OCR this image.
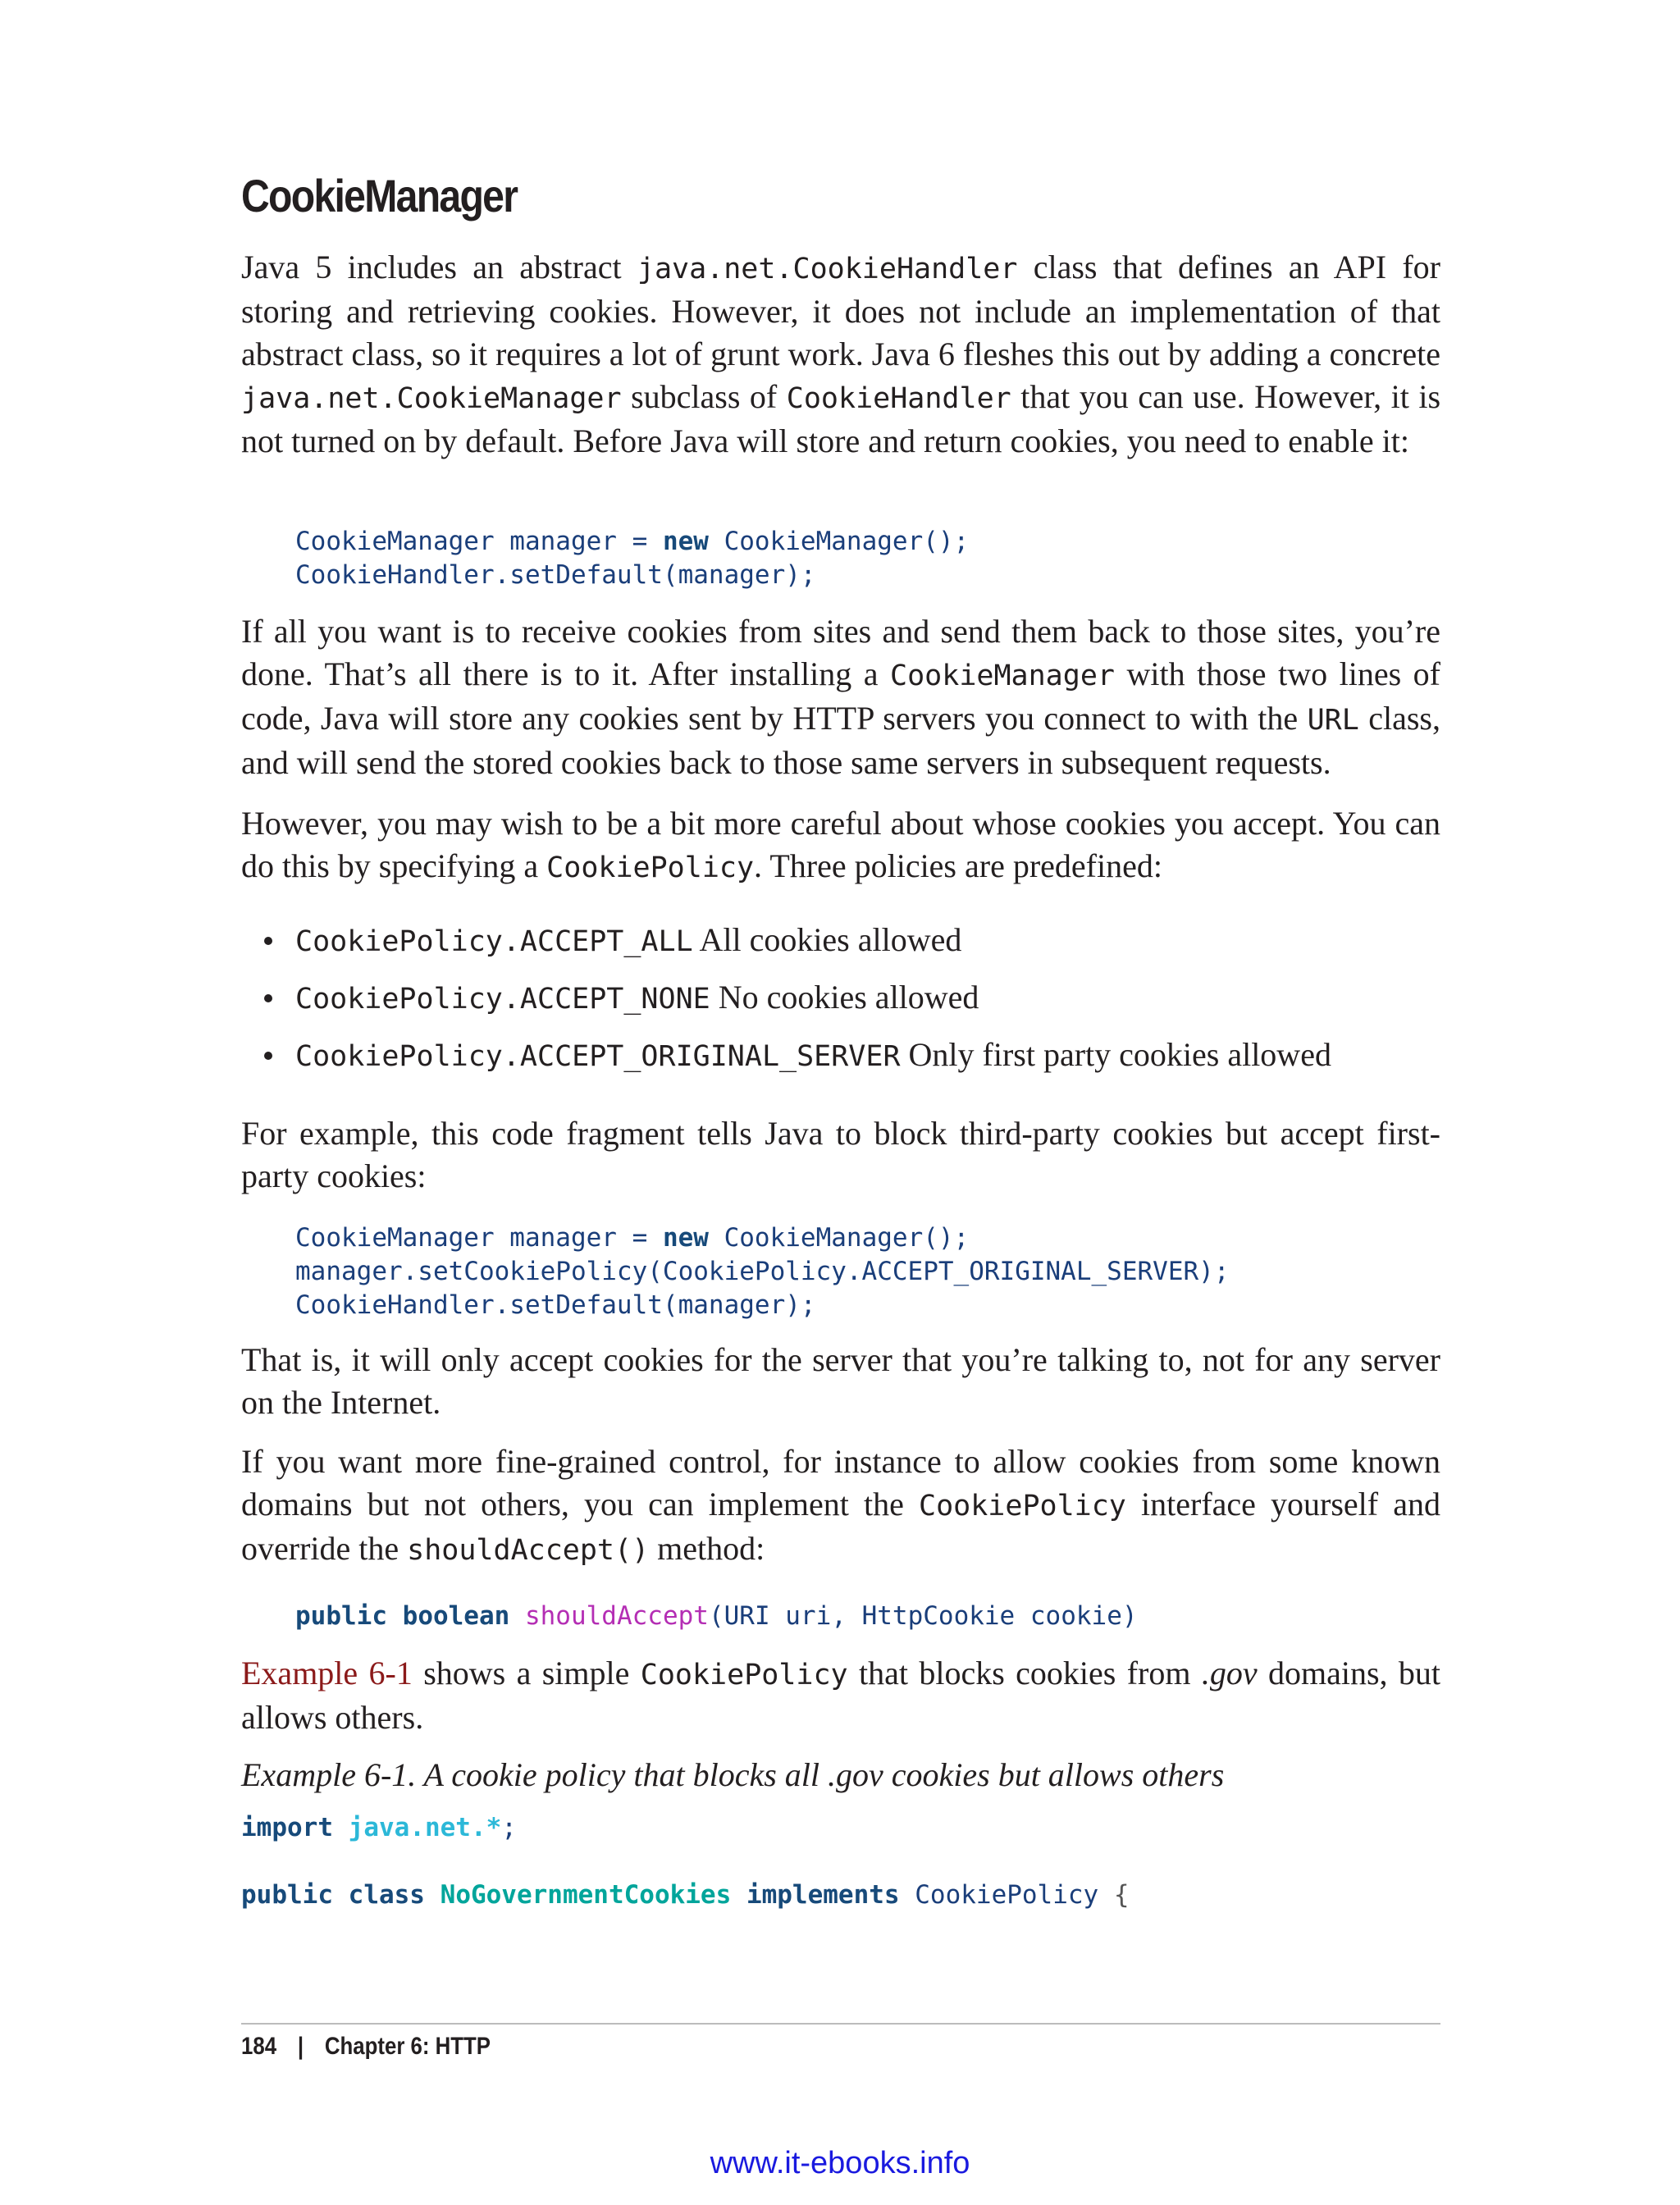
CookieManager

Java 5 includes an abstract java.net.CookieHandler class that defines an API for storing and retrieving cookies. However, it does not include an implementation of that abstract class, so it requires a lot of grunt work. Java 6 fleshes this out by adding a concrete java.net.CookieManager subclass of CookieHandler that you can use. However, it is not turned on by default. Before Java will store and return cookies, you need to enable it:

CookieManager manager = new CookieManager();
CookieHandler.setDefault(manager);

If all you want is to receive cookies from sites and send them back to those sites, you’re done. That’s all there is to it. After installing a CookieManager with those two lines of code, Java will store any cookies sent by HTTP servers you connect to with the URL class, and will send the stored cookies back to those same servers in subsequent requests.

However, you may wish to be a bit more careful about whose cookies you accept. You can do this by specifying a CookiePolicy. Three policies are predefined:

CookiePolicy.ACCEPT_ALL All cookies allowed
CookiePolicy.ACCEPT_NONE No cookies allowed
CookiePolicy.ACCEPT_ORIGINAL_SERVER Only first party cookies allowed

For example, this code fragment tells Java to block third-party cookies but accept first-party cookies:

CookieManager manager = new CookieManager();
manager.setCookiePolicy(CookiePolicy.ACCEPT_ORIGINAL_SERVER);
CookieHandler.setDefault(manager);

That is, it will only accept cookies for the server that you’re talking to, not for any server on the Internet.

If you want more fine-grained control, for instance to allow cookies from some known domains but not others, you can implement the CookiePolicy interface yourself and override the shouldAccept() method:

public boolean shouldAccept(URI uri, HttpCookie cookie)

Example 6-1 shows a simple CookiePolicy that blocks cookies from .gov domains, but allows others.

Example 6-1. A cookie policy that blocks all .gov cookies but allows others

import java.net.*;

public class NoGovernmentCookies implements CookiePolicy {
184 | Chapter 6: HTTP
www.it-ebooks.info
